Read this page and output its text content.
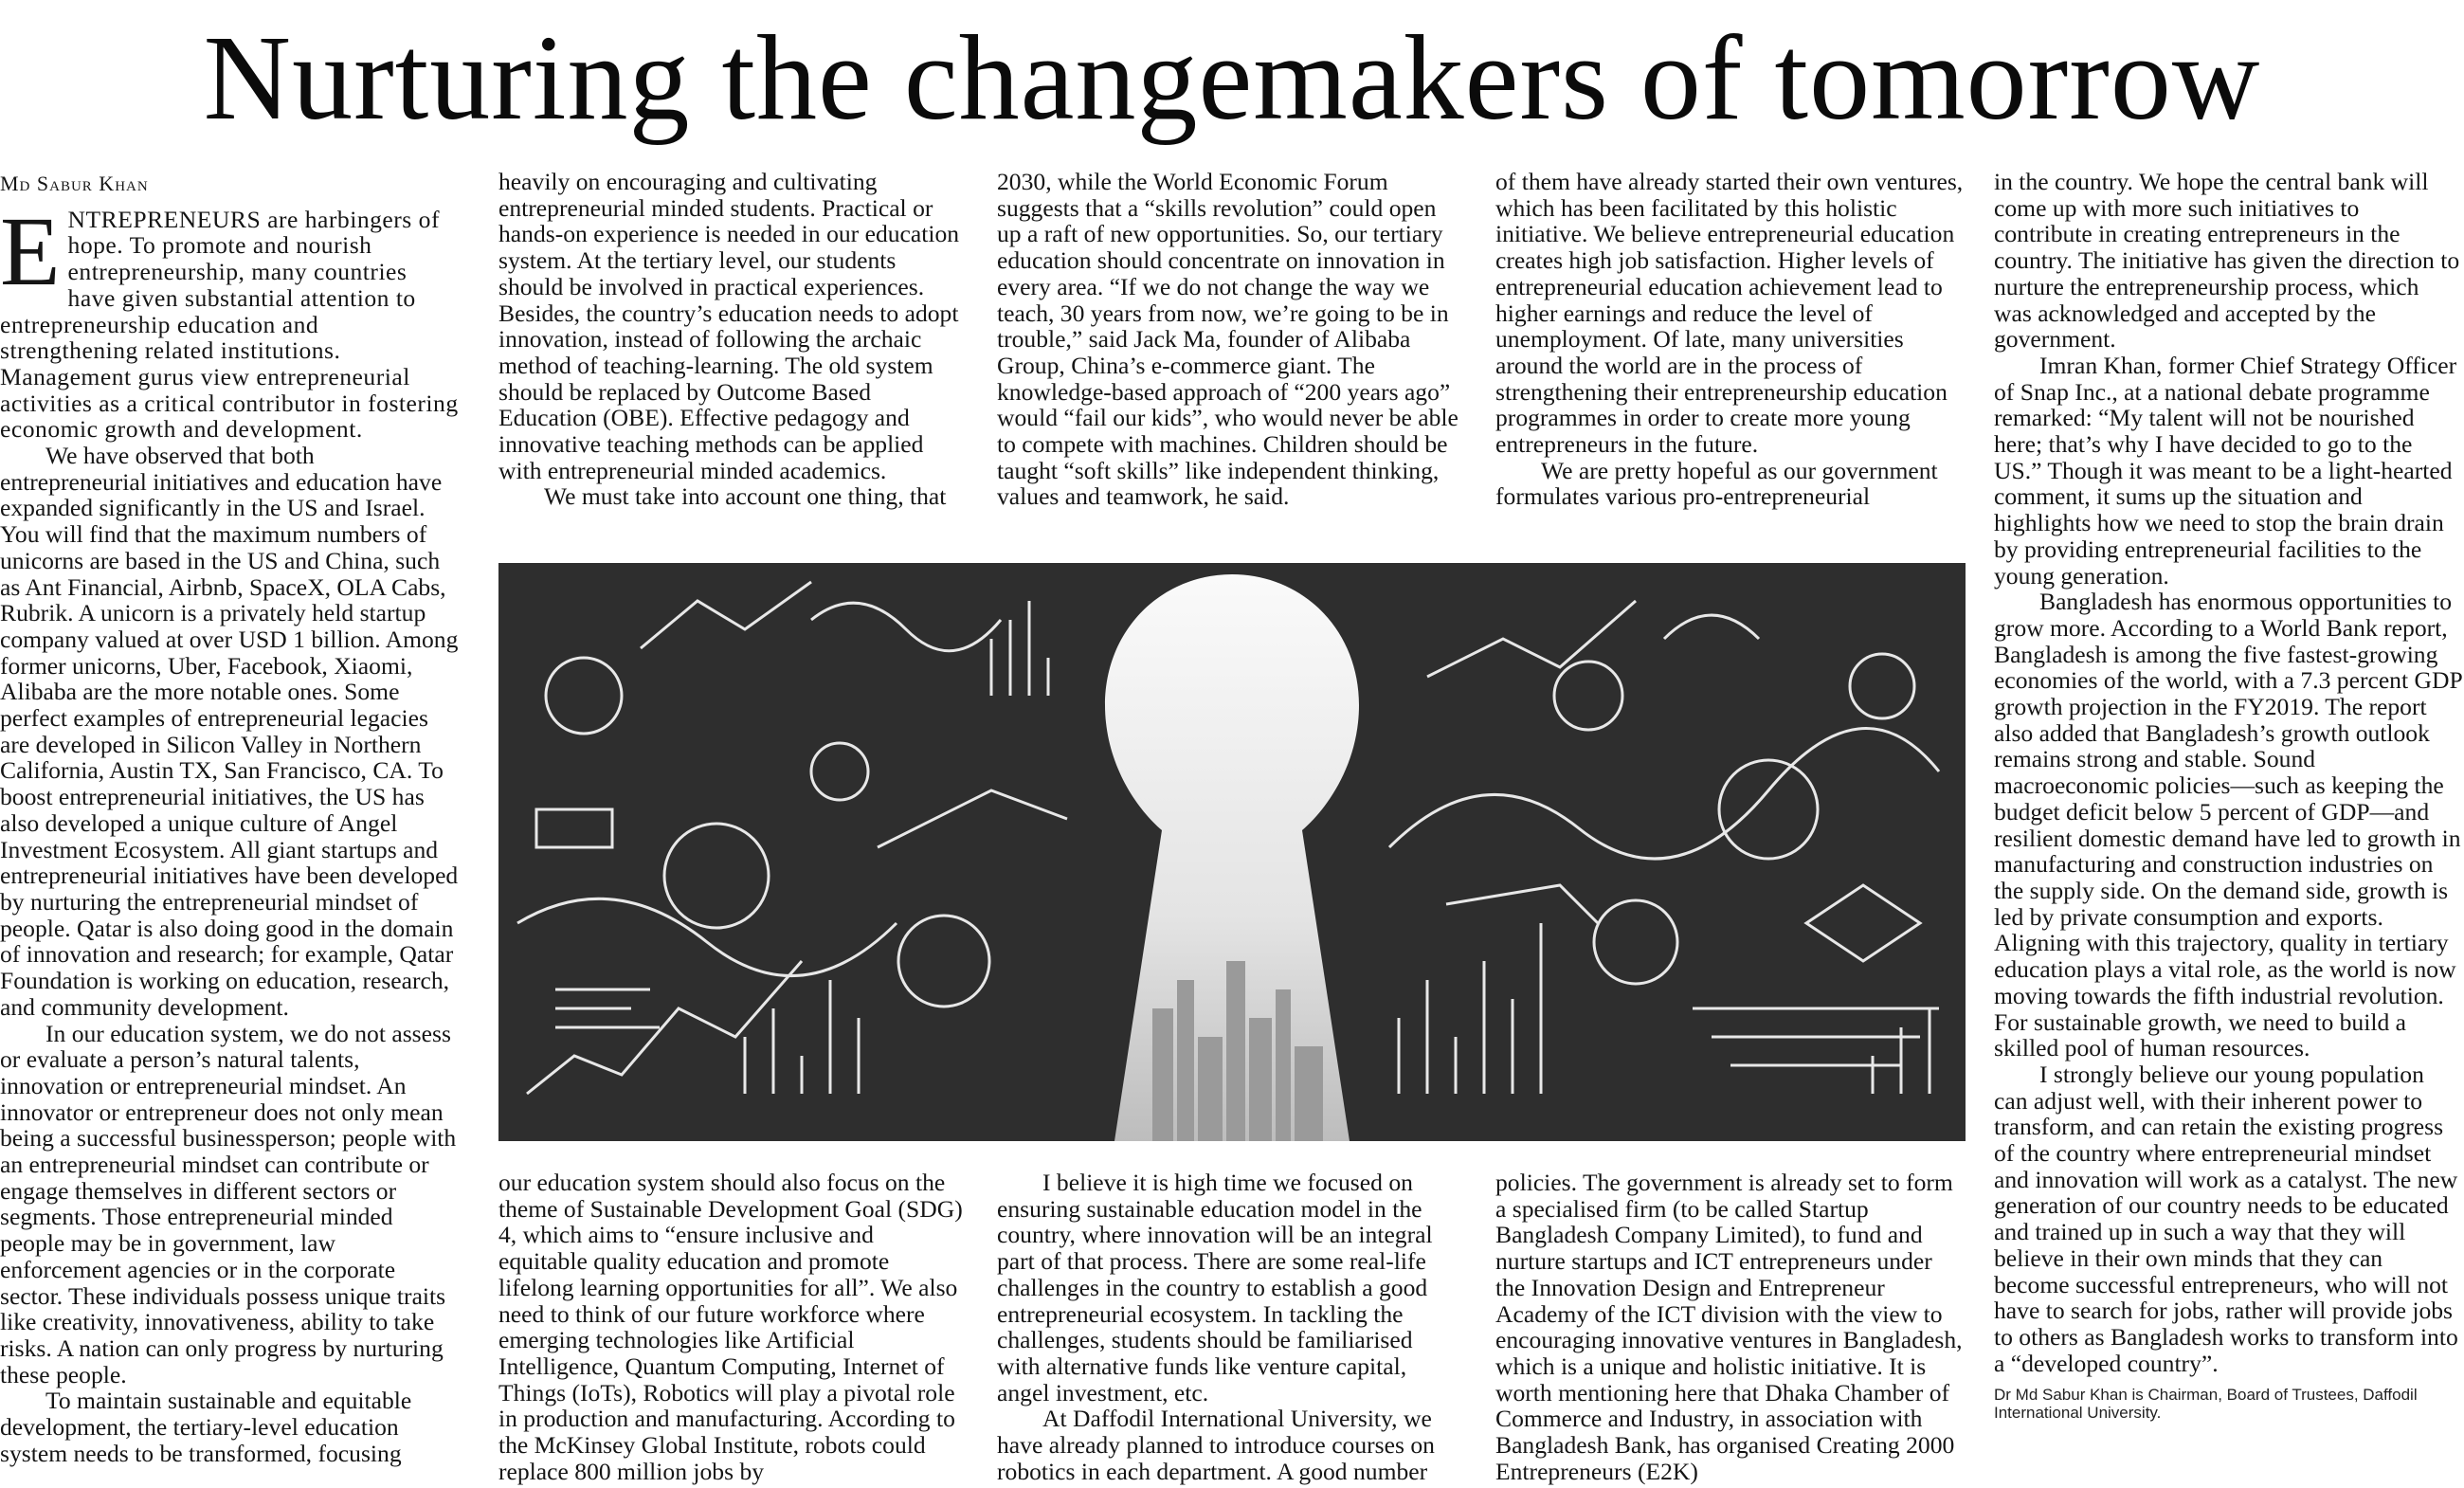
Nurturing the changemakers of tomorrow
Md Sabur Khan

ENTREPRENEURS are harbingers of hope. To promote and nourish entrepreneurship, many countries have given substantial attention to entrepreneurship education and strengthening related institutions. Management gurus view entrepreneurial activities as a critical contributor in fostering economic growth and development.

We have observed that both entrepreneurial initiatives and education have expanded significantly in the US and Israel. You will find that the maximum numbers of unicorns are based in the US and China, such as Ant Financial, Airbnb, SpaceX, OLA Cabs, Rubrik. A unicorn is a privately held startup company valued at over USD 1 billion. Among former unicorns, Uber, Facebook, Xiaomi, Alibaba are the more notable ones. Some perfect examples of entrepreneurial legacies are developed in Silicon Valley in Northern California, Austin TX, San Francisco, CA. To boost entrepreneurial initiatives, the US has also developed a unique culture of Angel Investment Ecosystem. All giant startups and entrepreneurial initiatives have been developed by nurturing the entrepreneurial mindset of people. Qatar is also doing good in the domain of innovation and research; for example, Qatar Foundation is working on education, research, and community development.

In our education system, we do not assess or evaluate a person’s natural talents, innovation or entrepreneurial mindset. An innovator or entrepreneur does not only mean being a successful businessperson; people with an entrepreneurial mindset can contribute or engage themselves in different sectors or segments. Those entrepreneurial minded people may be in government, law enforcement agencies or in the corporate sector. These individuals possess unique traits like creativity, innovativeness, ability to take risks. A nation can only progress by nurturing these people.

To maintain sustainable and equitable development, the tertiary-level education system needs to be transformed, focusing

heavily on encouraging and cultivating entrepreneurial minded students. Practical or hands-on experience is needed in our education system. At the tertiary level, our students should be involved in practical experiences. Besides, the country’s education needs to adopt innovation, instead of following the archaic method of teaching-learning. The old system should be replaced by Outcome Based Education (OBE). Effective pedagogy and innovative teaching methods can be applied with entrepreneurial minded academics.

We must take into account one thing, that

2030, while the World Economic Forum suggests that a “skills revolution” could open up a raft of new opportunities. So, our tertiary education should concentrate on innovation in every area. “If we do not change the way we teach, 30 years from now, we’re going to be in trouble,” said Jack Ma, founder of Alibaba Group, China’s e-commerce giant. The knowledge-based approach of “200 years ago” would “fail our kids”, who would never be able to compete with machines. Children should be taught “soft skills” like independent thinking, values and teamwork, he said.

of them have already started their own ventures, which has been facilitated by this holistic initiative. We believe entrepreneurial education creates high job satisfaction. Higher levels of entrepreneurial education achievement lead to higher earnings and reduce the level of unemployment. Of late, many universities around the world are in the process of strengthening their entrepreneurship education programmes in order to create more young entrepreneurs in the future.

We are pretty hopeful as our government formulates various pro-entrepreneurial

our education system should also focus on the theme of Sustainable Development Goal (SDG) 4, which aims to “ensure inclusive and equitable quality education and promote lifelong learning opportunities for all”. We also need to think of our future workforce where emerging technologies like Artificial Intelligence, Quantum Computing, Internet of Things (IoTs), Robotics will play a pivotal role in production and manufacturing. According to the McKinsey Global Institute, robots could replace 800 million jobs by

I believe it is high time we focused on ensuring sustainable education model in the country, where innovation will be an integral part of that process. There are some real-life challenges in the country to establish a good entrepreneurial ecosystem. In tackling the challenges, students should be familiarised with alternative funds like venture capital, angel investment, etc.

At Daffodil International University, we have already planned to introduce courses on robotics in each department. A good number

policies. The government is already set to form a specialised firm (to be called Startup Bangladesh Company Limited), to fund and nurture startups and ICT entrepreneurs under the Innovation Design and Entrepreneur Academy of the ICT division with the view to encouraging innovative ventures in Bangladesh, which is a unique and holistic initiative. It is worth mentioning here that Dhaka Chamber of Commerce and Industry, in association with Bangladesh Bank, has organised Creating 2000 Entrepreneurs (E2K)

in the country. We hope the central bank will come up with more such initiatives to contribute in creating entrepreneurs in the country. The initiative has given the direction to nurture the entrepreneurship process, which was acknowledged and accepted by the government.

Imran Khan, former Chief Strategy Officer of Snap Inc., at a national debate programme remarked: “My talent will not be nourished here; that’s why I have decided to go to the US.” Though it was meant to be a light-hearted comment, it sums up the situation and highlights how we need to stop the brain drain by providing entrepreneurial facilities to the young generation.

Bangladesh has enormous opportunities to grow more. According to a World Bank report, Bangladesh is among the five fastest-growing economies of the world, with a 7.3 percent GDP growth projection in the FY2019. The report also added that Bangladesh’s growth outlook remains strong and stable. Sound macroeconomic policies—such as keeping the budget deficit below 5 percent of GDP—and resilient domestic demand have led to growth in manufacturing and construction industries on the supply side. On the demand side, growth is led by private consumption and exports. Aligning with this trajectory, quality in tertiary education plays a vital role, as the world is now moving towards the fifth industrial revolution. For sustainable growth, we need to build a skilled pool of human resources.

I strongly believe our young population can adjust well, with their inherent power to transform, and can retain the existing progress of the country where entrepreneurial mindset and innovation will work as a catalyst. The new generation of our country needs to be educated and trained up in such a way that they will believe in their own minds that they can become successful entrepreneurs, who will not have to search for jobs, rather will provide jobs to others as Bangladesh works to transform into a “developed country”.

Dr Md Sabur Khan is Chairman, Board of Trustees, Daffodil International University.
